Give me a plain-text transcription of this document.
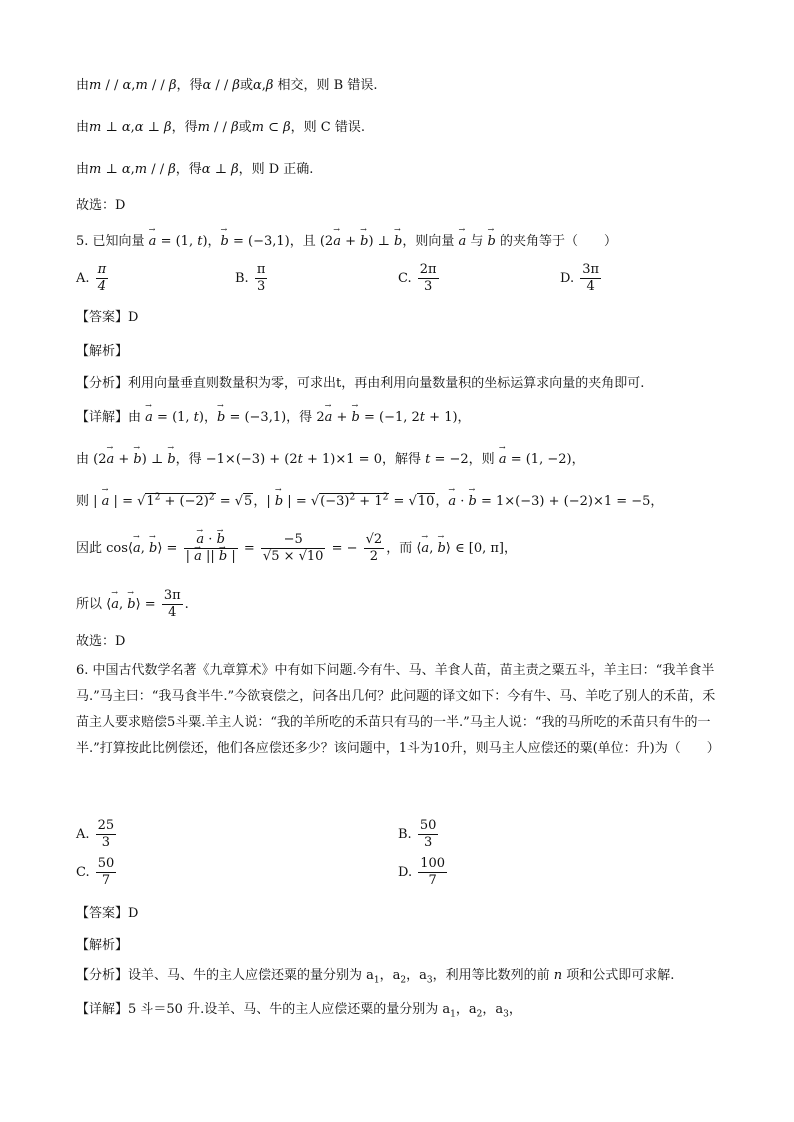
由m / / α,m / / β，得α / / β或α,β 相交，则 B 错误.
由m ⊥ α,α ⊥ β，得m / / β或m ⊂ β，则 C 错误.
由m ⊥ α,m / / β，得α ⊥ β，则 D 正确.
故选：D
5. 已知向量 → a = (1, t)，→ b = (−3,1)，且 (2→ a + → b) ⊥ → b，则向量 → a 与 → b 的夹角等于（　　）
A. $\frac{\pi}{4}$	B. $\frac{\pi}{3}$	C. $\frac{2\pi}{3}$	D. $\frac{3\pi}{4}$
【答案】D
【解析】
【分析】利用向量垂直则数量积为零，可求出t，再由利用向量数量积的坐标运算求向量的夹角即可.
【详解】由 → a = (1, t)，→ b = (−3,1)，得 2→ a + → b = (−1, 2t + 1)，
由 (2→ a + → b) ⊥ → b，得 −1×(−3) + (2t + 1)×1 = 0，解得 t = −2，则 → a = (1, −2)，
则 | → a | = $√1^2 + (-2)^2 = √5$，| → b | = $√(-3)^2 + 1^2 = √10$，→ a · → b = 1×(−3) + (−2)×1 = −5，
因此 cos⟨→ a, → b⟩ =
→ $\frac{a \cdot \to b}{| \to a || \to b |} = \frac{-5}{√5 \times √10}$ = − $\frac{√2}{2}$ ，而 ⟨→ a, → b⟩ ∈ [0, π]，
所以 ⟨→ a, → b⟩ = $\frac{3\pi}{4}$ .
故选：D
6. 中国古代数学名著《九章算术》中有如下问题.今有牛、马、羊食人苗，苗主责之粟五斗，羊主曰：“我羊食半马.”马主曰：“我马食半牛.”今欲衰偿之，问各出几何？此问题的译文如下：今有牛、马、羊吃了别人的禾苗，禾苗主人要求赔偿5斗粟.羊主人说：“我的羊所吃的禾苗只有马的一半.”马主人说：“我的马所吃的禾苗只有牛的一半.”打算按此比例偿还，他们各应偿还多少？该问题中，1斗为10升，则马主人应偿还的粟(单位：升)为（　　）
A. $\frac{25}{3}$	B. $\frac{50}{3}$
C. $\frac{50}{7}$	D. $\frac{100}{7}$
【答案】D
【解析】
【分析】设羊、马、牛的主人应偿还粟的量分别为 $a_1$，$a_2$，$a_3$，利用等比数列的前 n 项和公式即可求解.
【详解】5 斗＝50 升.设羊、马、牛的主人应偿还粟的量分别为 $a_1$，$a_2$，$a_3$，
